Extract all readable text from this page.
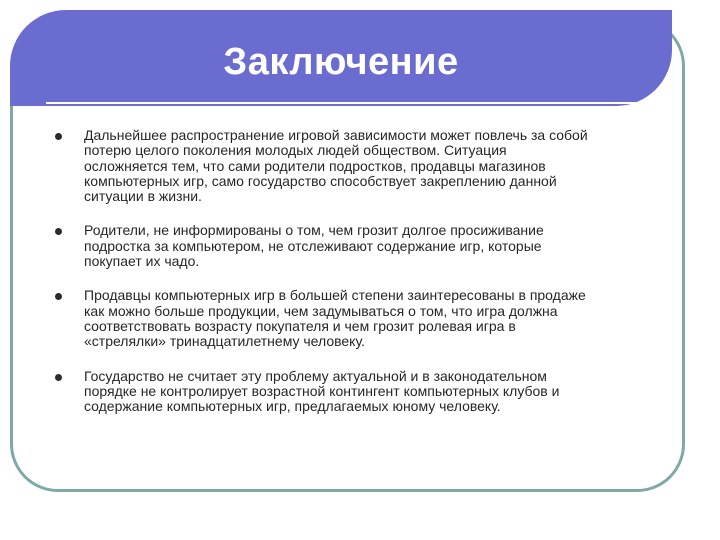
Заключение
Дальнейшее распространение игровой зависимости может повлечь за собой
потерю целого поколения молодых людей обществом. Ситуация
осложняется тем, что сами родители подростков, продавцы магазинов
компьютерных игр, само государство способствует закреплению данной
ситуации в жизни.
Родители, не информированы о том, чем грозит долгое просиживание
подростка за компьютером, не отслеживают содержание игр, которые
покупает их чадо.
Продавцы компьютерных игр в большей степени заинтересованы в продаже
как можно больше продукции, чем задумываться о том, что игра должна
соответствовать возрасту покупателя и чем грозит ролевая игра в
«стрелялки» тринадцатилетнему человеку.
Государство не считает эту проблему актуальной и в законодательном
порядке не контролирует возрастной контингент компьютерных клубов и
содержание компьютерных игр, предлагаемых юному человеку.
